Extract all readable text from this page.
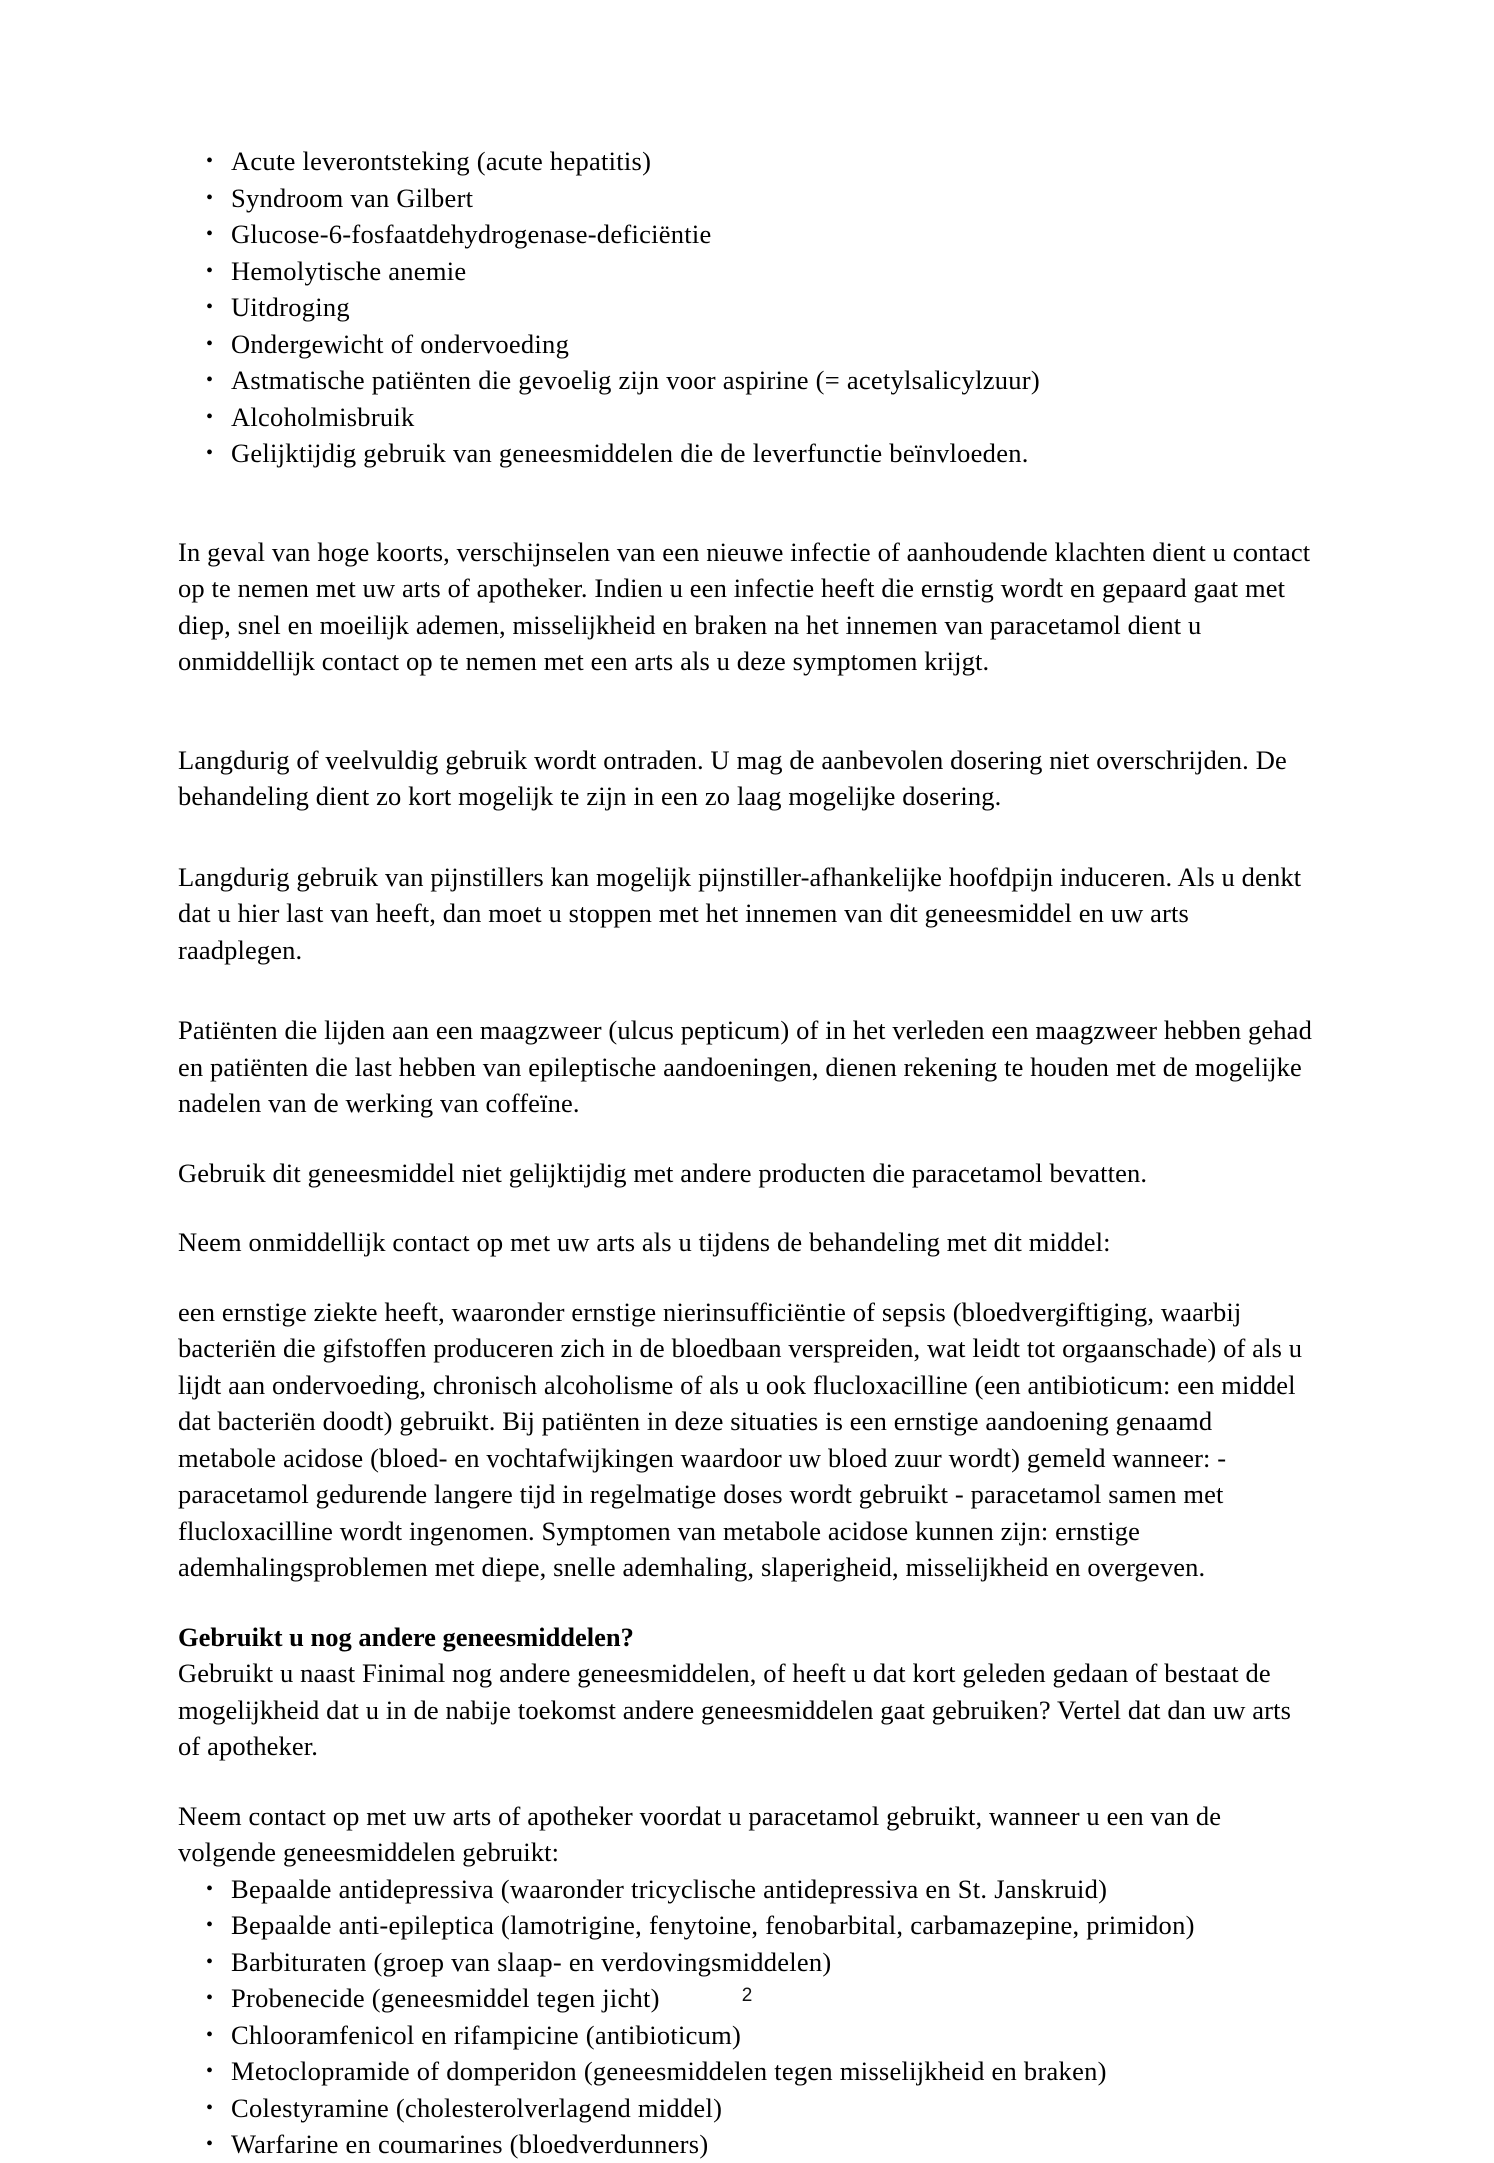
• Acute leverontsteking (acute hepatitis)
• Syndroom van Gilbert
• Glucose-6-fosfaatdehydrogenase-deficiëntie
• Hemolytische anemie
• Uitdroging
• Ondergewicht of ondervoeding
• Astmatische patiënten die gevoelig zijn voor aspirine (= acetylsalicylzuur)
• Alcoholmisbruik
• Gelijktijdig gebruik van geneesmiddelen die de leverfunctie beïnvloeden.

In geval van hoge koorts, verschijnselen van een nieuwe infectie of aanhoudende klachten dient u contact op te nemen met uw arts of apotheker. Indien u een infectie heeft die ernstig wordt en gepaard gaat met diep, snel en moeilijk ademen, misselijkheid en braken na het innemen van paracetamol dient u onmiddellijk contact op te nemen met een arts als u deze symptomen krijgt.

Langdurig of veelvuldig gebruik wordt ontraden. U mag de aanbevolen dosering niet overschrijden. De behandeling dient zo kort mogelijk te zijn in een zo laag mogelijke dosering.

Langdurig gebruik van pijnstillers kan mogelijk pijnstiller-afhankelijke hoofdpijn induceren. Als u denkt dat u hier last van heeft, dan moet u stoppen met het innemen van dit geneesmiddel en uw arts raadplegen.

Patiënten die lijden aan een maagzweer (ulcus pepticum) of in het verleden een maagzweer hebben gehad en patiënten die last hebben van epileptische aandoeningen, dienen rekening te houden met de mogelijke nadelen van de werking van coffeïne.

Gebruik dit geneesmiddel niet gelijktijdig met andere producten die paracetamol bevatten.

Neem onmiddellijk contact op met uw arts als u tijdens de behandeling met dit middel:

een ernstige ziekte heeft, waaronder ernstige nierinsufficiëntie of sepsis (bloedvergiftiging, waarbij bacteriën die gifstoffen produceren zich in de bloedbaan verspreiden, wat leidt tot orgaanschade) of als u lijdt aan ondervoeding, chronisch alcoholisme of als u ook flucloxacilline (een antibioticum: een middel dat bacteriën doodt) gebruikt. Bij patiënten in deze situaties is een ernstige aandoening genaamd metabole acidose (bloed- en vochtafwijkingen waardoor uw bloed zuur wordt) gemeld wanneer: - paracetamol gedurende langere tijd in regelmatige doses wordt gebruikt - paracetamol samen met flucloxacilline wordt ingenomen. Symptomen van metabole acidose kunnen zijn: ernstige ademhalingsproblemen met diepe, snelle ademhaling, slaperigheid, misselijkheid en overgeven.

Gebruikt u nog andere geneesmiddelen?

Gebruikt u naast Finimal nog andere geneesmiddelen, of heeft u dat kort geleden gedaan of bestaat de mogelijkheid dat u in de nabije toekomst andere geneesmiddelen gaat gebruiken? Vertel dat dan uw arts of apotheker.

Neem contact op met uw arts of apotheker voordat u paracetamol gebruikt, wanneer u een van de volgende geneesmiddelen gebruikt:

• Bepaalde antidepressiva (waaronder tricyclische antidepressiva en St. Janskruid)
• Bepaalde anti-epileptica (lamotrigine, fenytoine, fenobarbital, carbamazepine, primidon)
• Barbituraten (groep van slaap- en verdovingsmiddelen)
• Probenecide (geneesmiddel tegen jicht)
• Chlooramfenicol en rifampicine (antibioticum)
• Metoclopramide of domperidon (geneesmiddelen tegen misselijkheid en braken)
• Colestyramine (cholesterolverlagend middel)
• Warfarine en coumarines (bloedverdunners)
2
